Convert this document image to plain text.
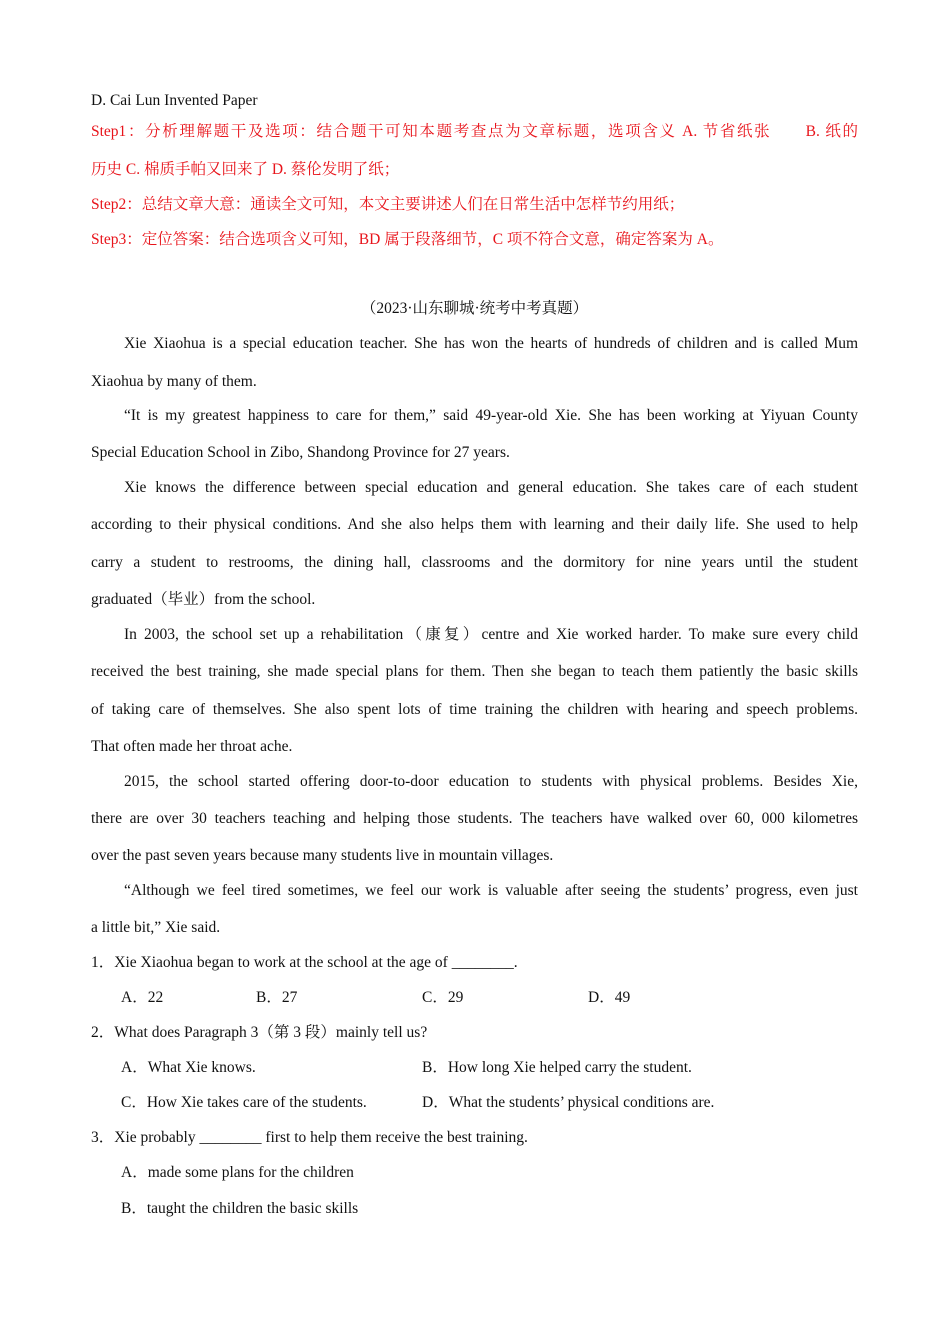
D. Cai Lun Invented Paper
Step1：分析理解题干及选项：结合题干可知本题考查点为文章标题，选项含义 A. 节省纸张　　B. 纸的
历史 C. 棉质手帕又回来了 D. 蔡伦发明了纸；
Step2：总结文章大意：通读全文可知，本文主要讲述人们在日常生活中怎样节约用纸；
Step3：定位答案：结合选项含义可知，BD 属于段落细节，C 项不符合文意，确定答案为 A。
（2023·山东聊城·统考中考真题）
Xie Xiaohua is a special education teacher. She has won the hearts of hundreds of children and is called Mum
Xiaohua by many of them.
“It is my greatest happiness to care for them,” said 49-year-old Xie. She has been working at Yiyuan County
Special Education School in Zibo, Shandong Province for 27 years.
Xie knows the difference between special education and general education. She takes care of each student
according to their physical conditions. And she also helps them with learning and their daily life. She used to help
carry a student to restrooms, the dining hall, classrooms and the dormitory for nine years until the student
graduated（毕业）from the school.
In 2003, the school set up a rehabilitation（康复）centre and Xie worked harder. To make sure every child
received the best training, she made special plans for them. Then she began to teach them patiently the basic skills
of taking care of themselves. She also spent lots of time training the children with hearing and speech problems.
That often made her throat ache.
2015, the school started offering door-to-door education to students with physical problems. Besides Xie,
there are over 30 teachers teaching and helping those students. The teachers have walked over 60, 000 kilometres
over the past seven years because many students live in mountain villages.
“Although we feel tired sometimes, we feel our work is valuable after seeing the students’ progress, even just
a little bit,” Xie said.
1．Xie Xiaohua began to work at the school at the age of ________.
A．22	B．27	C．29	D．49
2．What does Paragraph 3（第 3 段）mainly tell us?
A．What Xie knows.	B．How long Xie helped carry the student.
C．How Xie takes care of the students.	D．What the students’ physical conditions are.
3．Xie probably ________ first to help them receive the best training.
A．made some plans for the children
B．taught the children the basic skills
